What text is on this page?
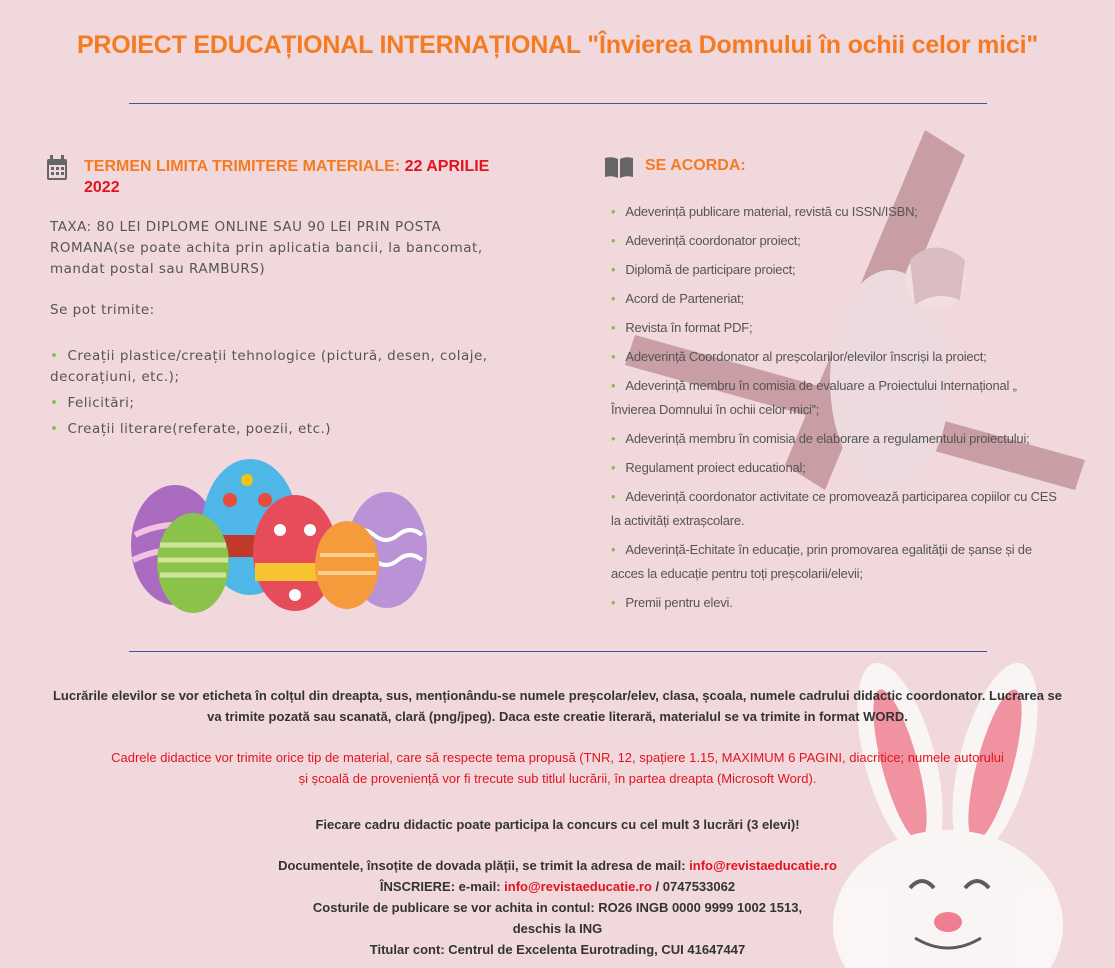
PROIECT EDUCAȚIONAL INTERNAȚIONAL "Învierea Domnului în ochii celor mici"
TERMEN LIMITA TRIMITERE MATERIALE: 22 APRILIE 2022
TAXA: 80 LEI DIPLOME ONLINE SAU 90 LEI PRIN POSTA ROMANA(se poate achita prin aplicatia bancii, la bancomat, mandat postal sau RAMBURS)
Se pot trimite:
• Creații plastice/creații tehnologice (pictură, desen, colaje, decorațiuni, etc.);
• Felicitări;
• Creații literare(referate, poezii, etc.)
SE ACORDA:
• Adeverință publicare material, revistă cu ISSN/ISBN;
• Adeverință coordonator proiect;
• Diplomă de participare proiect;
• Acord de Parteneriat;
• Revista în format PDF;
• Adeverință Coordonator al preșcolarilor/elevilor înscriși la proiect;
• Adeverință membru în comisia de evaluare a Proiectului Internațional „ Învierea Domnului în ochii celor mici”;
• Adeverință membru în comisia de elaborare a regulamentului proiectului;
• Regulament proiect educational;
• Adeverință coordonator activitate ce promovează participarea copiilor cu CES la activități extrașcolare.
• Adeverință-Echitate în educație, prin promovarea egalității de șanse și de acces la educație pentru toți preșcolarii/elevii;
• Premii pentru elevi.
Lucrările elevilor se vor eticheta în colțul din dreapta, sus, menționându-se numele preșcolar/elev, clasa, școala, numele cadrului didactic coordonator. Lucrarea se va trimite pozată sau scanată, clară (png/jpeg). Daca este creatie literară, materialul se va trimite in format WORD.
Cadrele didactice vor trimite orice tip de material, care să respecte tema propusă (TNR, 12, spațiere 1.15, MAXIMUM 6 PAGINI, diacritice; numele autorului și școală de proveniență vor fi trecute sub titlul lucrării, în partea dreapta (Microsoft Word).
Fiecare cadru didactic poate participa la concurs cu cel mult 3 lucrări (3 elevi)!
Documentele, însoțite de dovada plății, se trimit la adresa de mail: info@revistaeducatie.ro
ÎNSCRIERE: e-mail: info@revistaeducatie.ro / 0747533062
Costurile de publicare se vor achita in contul: RO26 INGB 0000 9999 1002 1513,
deschis la ING
Titular cont: Centrul de Excelenta Eurotrading, CUI 41647447
